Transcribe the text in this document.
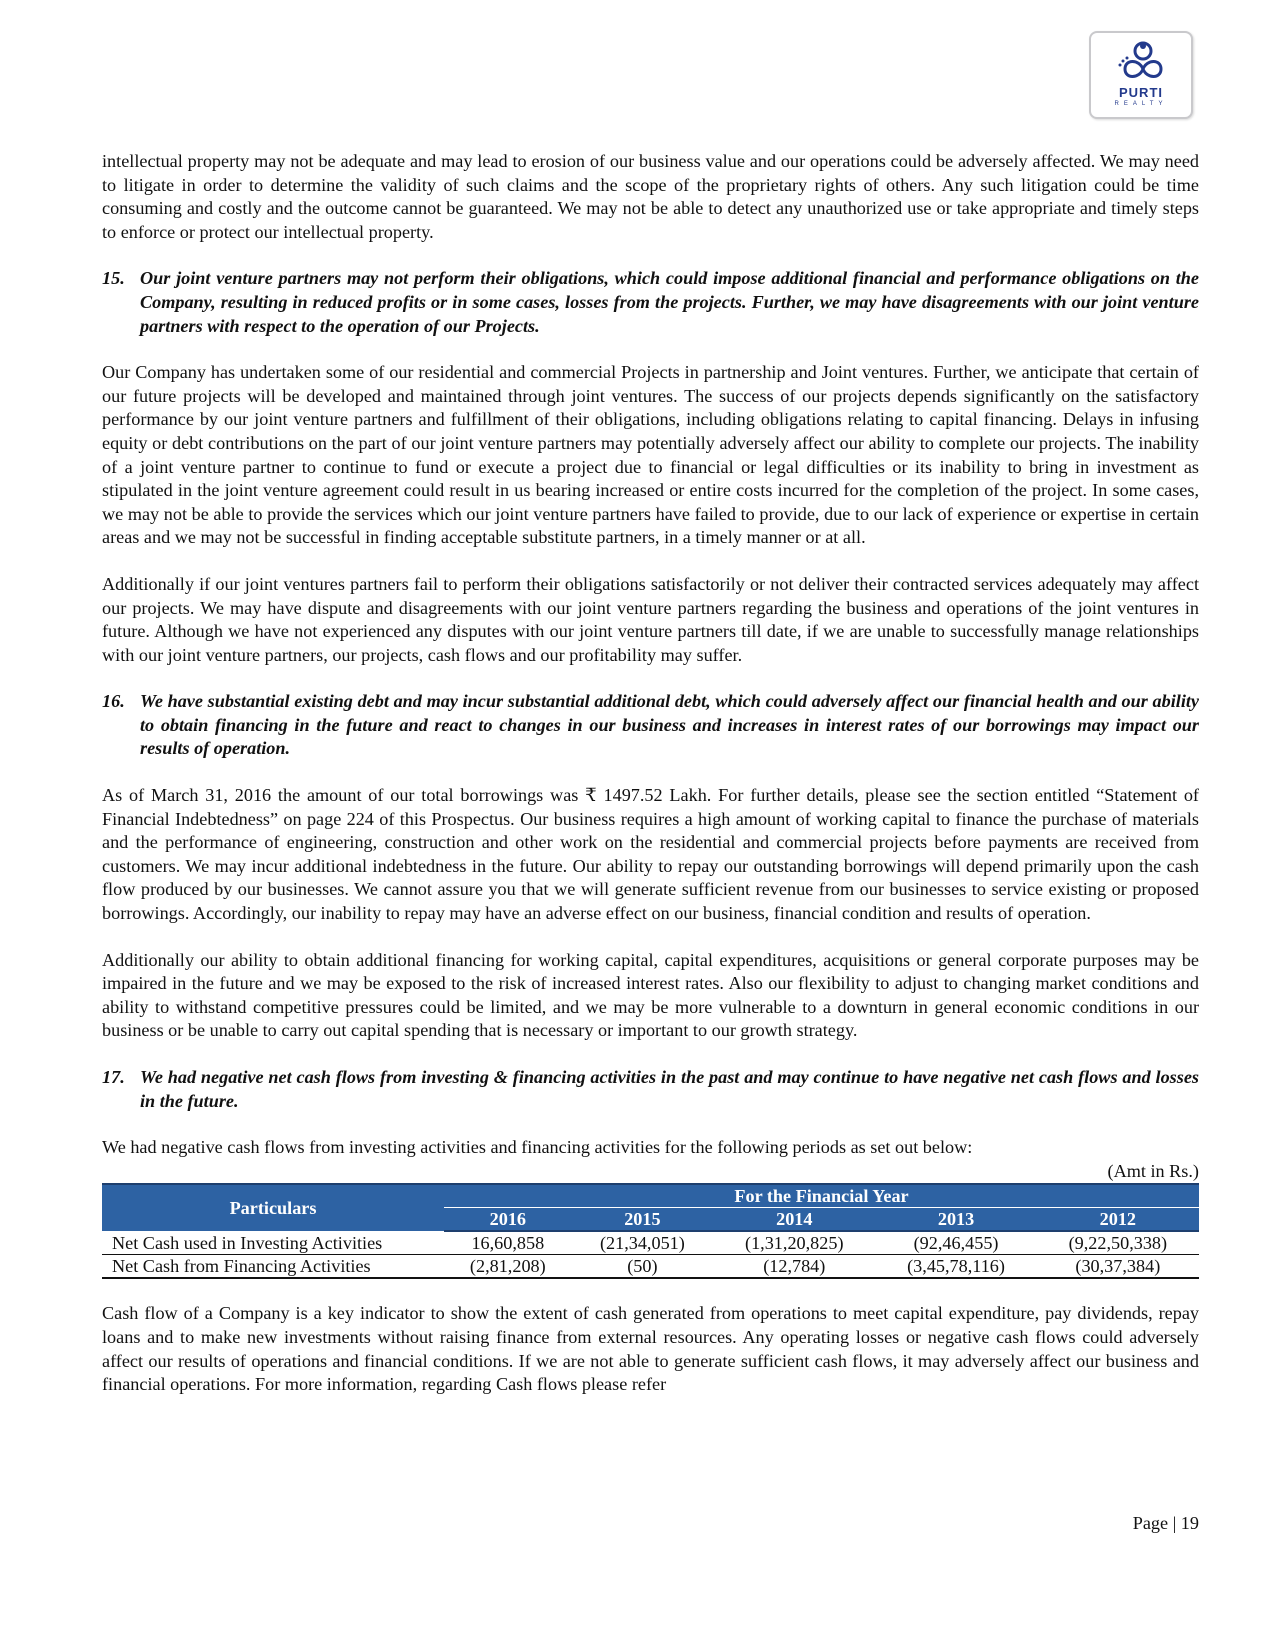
PURTI
REALTY

intellectual property may not be adequate and may lead to erosion of our business value and our operations could be adversely affected. We may need to litigate in order to determine the validity of such claims and the scope of the proprietary rights of others. Any such litigation could be time consuming and costly and the outcome cannot be guaranteed. We may not be able to detect any unauthorized use or take appropriate and timely steps to enforce or protect our intellectual property.

15. Our joint venture partners may not perform their obligations, which could impose additional financial and performance obligations on the Company, resulting in reduced profits or in some cases, losses from the projects. Further, we may have disagreements with our joint venture partners with respect to the operation of our Projects.

Our Company has undertaken some of our residential and commercial Projects in partnership and Joint ventures. Further, we anticipate that certain of our future projects will be developed and maintained through joint ventures. The success of our projects depends significantly on the satisfactory performance by our joint venture partners and fulfillment of their obligations, including obligations relating to capital financing. Delays in infusing equity or debt contributions on the part of our joint venture partners may potentially adversely affect our ability to complete our projects. The inability of a joint venture partner to continue to fund or execute a project due to financial or legal difficulties or its inability to bring in investment as stipulated in the joint venture agreement could result in us bearing increased or entire costs incurred for the completion of the project. In some cases, we may not be able to provide the services which our joint venture partners have failed to provide, due to our lack of experience or expertise in certain areas and we may not be successful in finding acceptable substitute partners, in a timely manner or at all.

Additionally if our joint ventures partners fail to perform their obligations satisfactorily or not deliver their contracted services adequately may affect our projects. We may have dispute and disagreements with our joint venture partners regarding the business and operations of the joint ventures in future. Although we have not experienced any disputes with our joint venture partners till date, if we are unable to successfully manage relationships with our joint venture partners, our projects, cash flows and our profitability may suffer.

16. We have substantial existing debt and may incur substantial additional debt, which could adversely affect our financial health and our ability to obtain financing in the future and react to changes in our business and increases in interest rates of our borrowings may impact our results of operation.

As of March 31, 2016 the amount of our total borrowings was ₹ 1497.52 Lakh. For further details, please see the section entitled “Statement of Financial Indebtedness” on page 224 of this Prospectus. Our business requires a high amount of working capital to finance the purchase of materials and the performance of engineering, construction and other work on the residential and commercial projects before payments are received from customers. We may incur additional indebtedness in the future. Our ability to repay our outstanding borrowings will depend primarily upon the cash flow produced by our businesses. We cannot assure you that we will generate sufficient revenue from our businesses to service existing or proposed borrowings. Accordingly, our inability to repay may have an adverse effect on our business, financial condition and results of operation.

Additionally our ability to obtain additional financing for working capital, capital expenditures, acquisitions or general corporate purposes may be impaired in the future and we may be exposed to the risk of increased interest rates. Also our flexibility to adjust to changing market conditions and ability to withstand competitive pressures could be limited, and we may be more vulnerable to a downturn in general economic conditions in our business or be unable to carry out capital spending that is necessary or important to our growth strategy.

17. We had negative net cash flows from investing & financing activities in the past and may continue to have negative net cash flows and losses in the future.

We had negative cash flows from investing activities and financing activities for the following periods as set out below:

(Amt in Rs.)
Particulars	For the Financial Year				
	2016	2015	2014	2013	2012
Net Cash used in Investing Activities	16,60,858	(21,34,051)	(1,31,20,825)	(92,46,455)	(9,22,50,338)
Net Cash from Financing Activities	(2,81,208)	(50)	(12,784)	(3,45,78,116)	(30,37,384)

Cash flow of a Company is a key indicator to show the extent of cash generated from operations to meet capital expenditure, pay dividends, repay loans and to make new investments without raising finance from external resources. Any operating losses or negative cash flows could adversely affect our results of operations and financial conditions. If we are not able to generate sufficient cash flows, it may adversely affect our business and financial operations. For more information, regarding Cash flows please refer

Page | 19
